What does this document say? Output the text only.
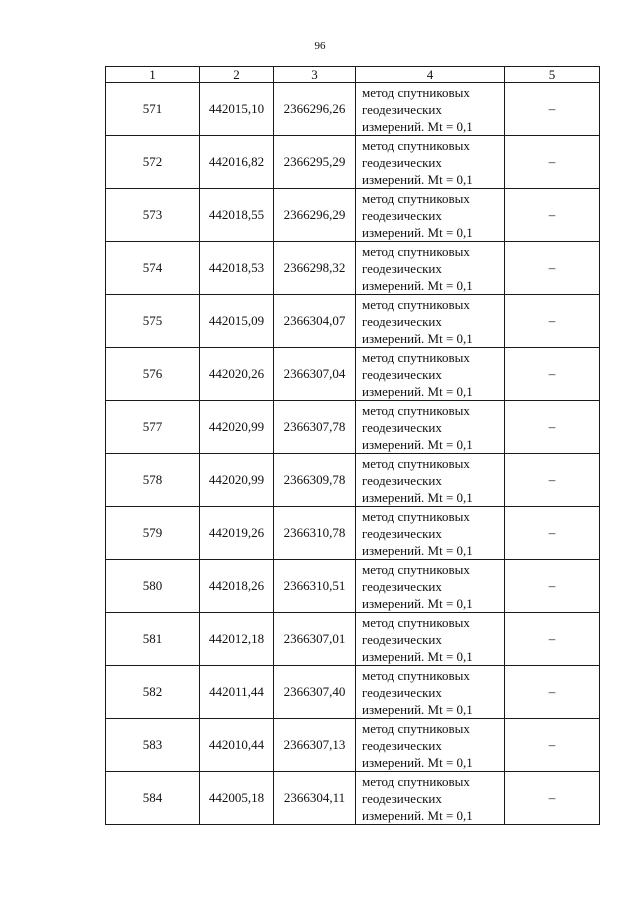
96
1	2	3	4	5
571	442015,10	2366296,26	метод спутниковых
геодезических
измерений. Mt = 0,1	–
572	442016,82	2366295,29	метод спутниковых
геодезических
измерений. Mt = 0,1	–
573	442018,55	2366296,29	метод спутниковых
геодезических
измерений. Mt = 0,1	–
574	442018,53	2366298,32	метод спутниковых
геодезических
измерений. Mt = 0,1	–
575	442015,09	2366304,07	метод спутниковых
геодезических
измерений. Mt = 0,1	–
576	442020,26	2366307,04	метод спутниковых
геодезических
измерений. Mt = 0,1	–
577	442020,99	2366307,78	метод спутниковых
геодезических
измерений. Mt = 0,1	–
578	442020,99	2366309,78	метод спутниковых
геодезических
измерений. Mt = 0,1	–
579	442019,26	2366310,78	метод спутниковых
геодезических
измерений. Mt = 0,1	–
580	442018,26	2366310,51	метод спутниковых
геодезических
измерений. Mt = 0,1	–
581	442012,18	2366307,01	метод спутниковых
геодезических
измерений. Mt = 0,1	–
582	442011,44	2366307,40	метод спутниковых
геодезических
измерений. Mt = 0,1	–
583	442010,44	2366307,13	метод спутниковых
геодезических
измерений. Mt = 0,1	–
584	442005,18	2366304,11	метод спутниковых
геодезических
измерений. Mt = 0,1	–
